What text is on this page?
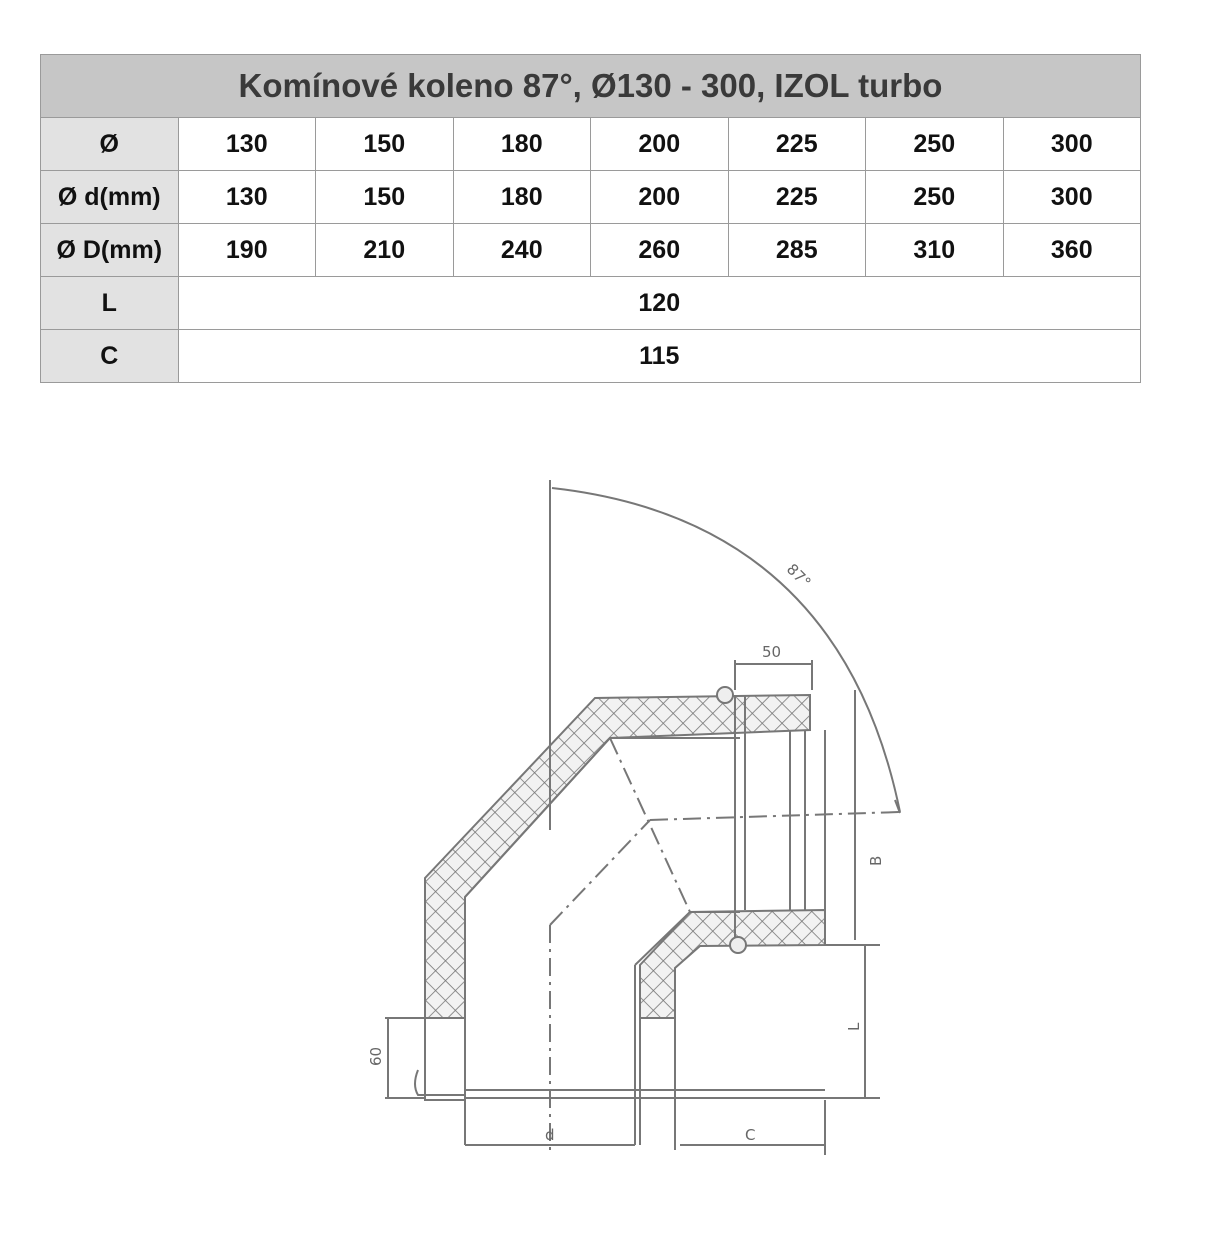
Komínové koleno 87°, Ø130 - 300, IZOL turbo							
Ø	130	150	180	200	225	250	300
Ø d(mm)	130	150	180	200	225	250	300
Ø D(mm)	190	210	240	260	285	310	360
L	120						
C	115						
87°
50
60
B
L
d	C
